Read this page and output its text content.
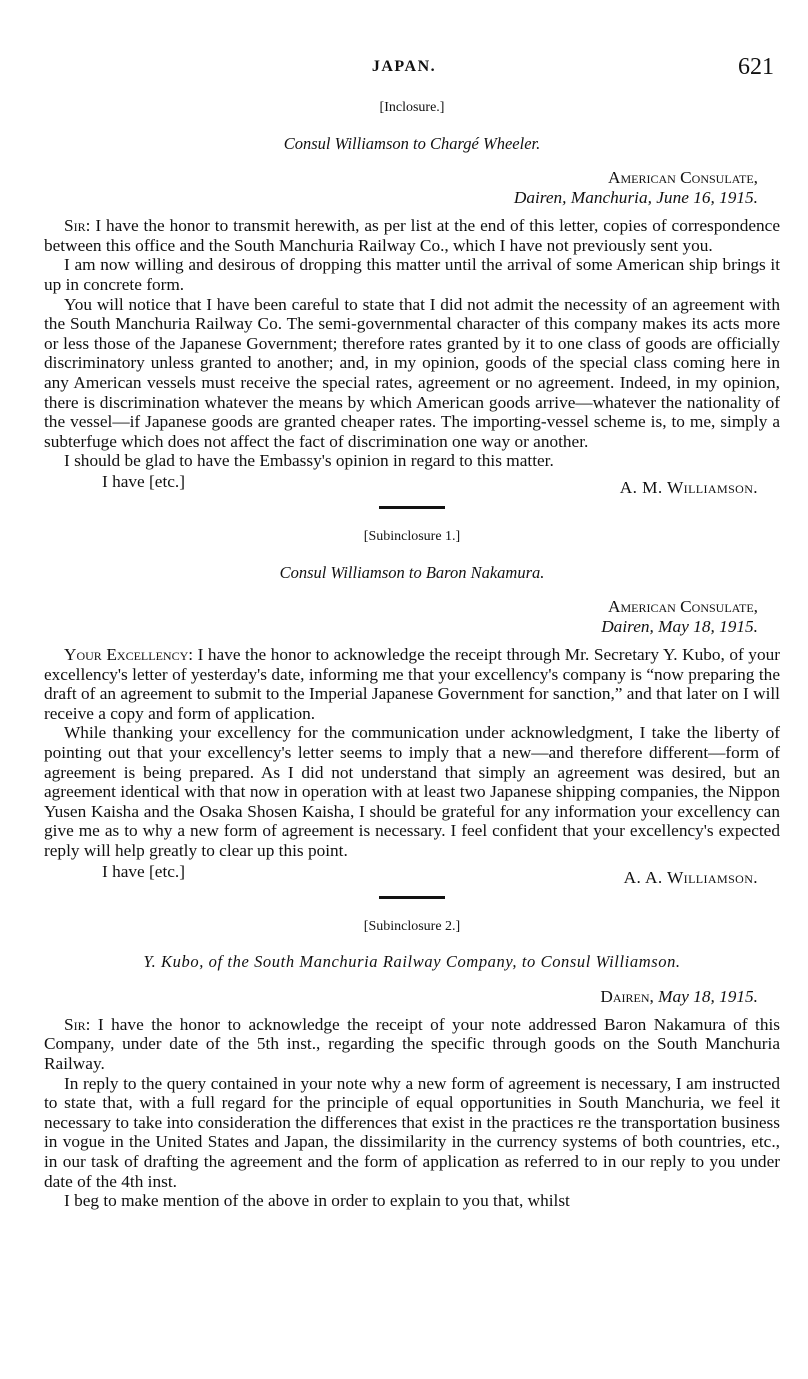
JAPAN.	621
[Inclosure.]
Consul Williamson to Chargé Wheeler.
American Consulate,
Dairen, Manchuria, June 16, 1915.

Sir: I have the honor to transmit herewith, as per list at the end of this letter, copies of correspondence between this office and the South Manchuria Railway Co., which I have not previously sent you.

I am now willing and desirous of dropping this matter until the arrival of some American ship brings it up in concrete form.

You will notice that I have been careful to state that I did not admit the necessity of an agreement with the South Manchuria Railway Co. The semi-governmental character of this company makes its acts more or less those of the Japanese Government; therefore rates granted by it to one class of goods are officially discriminatory unless granted to another; and, in my opinion, goods of the special class coming here in any American vessels must receive the special rates, agreement or no agreement. Indeed, in my opinion, there is discrimination whatever the means by which American goods arrive—whatever the nationality of the vessel—if Japanese goods are granted cheaper rates. The importing-vessel scheme is, to me, simply a subterfuge which does not affect the fact of discrimination one way or another.

I should be glad to have the Embassy's opinion in regard to this matter.

I have [etc.]	A. M. Williamson.
[Subinclosure 1.]
Consul Williamson to Baron Nakamura.
American Consulate,
Dairen, May 18, 1915.

Your Excellency: I have the honor to acknowledge the receipt through Mr. Secretary Y. Kubo, of your excellency's letter of yesterday's date, informing me that your excellency's company is “now preparing the draft of an agreement to submit to the Imperial Japanese Government for sanction,” and that later on I will receive a copy and form of application.

While thanking your excellency for the communication under acknowledgment, I take the liberty of pointing out that your excellency's letter seems to imply that a new—and therefore different—form of agreement is being prepared. As I did not understand that simply an agreement was desired, but an agreement identical with that now in operation with at least two Japanese shipping companies, the Nippon Yusen Kaisha and the Osaka Shosen Kaisha, I should be grateful for any information your excellency can give me as to why a new form of agreement is necessary. I feel confident that your excellency's expected reply will help greatly to clear up this point.

I have [etc.]	A. A. Williamson.
[Subinclosure 2.]
Y. Kubo, of the South Manchuria Railway Company, to Consul Williamson.
Dairen, May 18, 1915.

Sir: I have the honor to acknowledge the receipt of your note addressed Baron Nakamura of this Company, under date of the 5th inst., regarding the specific through goods on the South Manchuria Railway.

In reply to the query contained in your note why a new form of agreement is necessary, I am instructed to state that, with a full regard for the principle of equal opportunities in South Manchuria, we feel it necessary to take into consideration the differences that exist in the practices re the transportation business in vogue in the United States and Japan, the dissimilarity in the currency systems of both countries, etc., in our task of drafting the agreement and the form of application as referred to in our reply to you under date of the 4th inst.

I beg to make mention of the above in order to explain to you that, whilst
